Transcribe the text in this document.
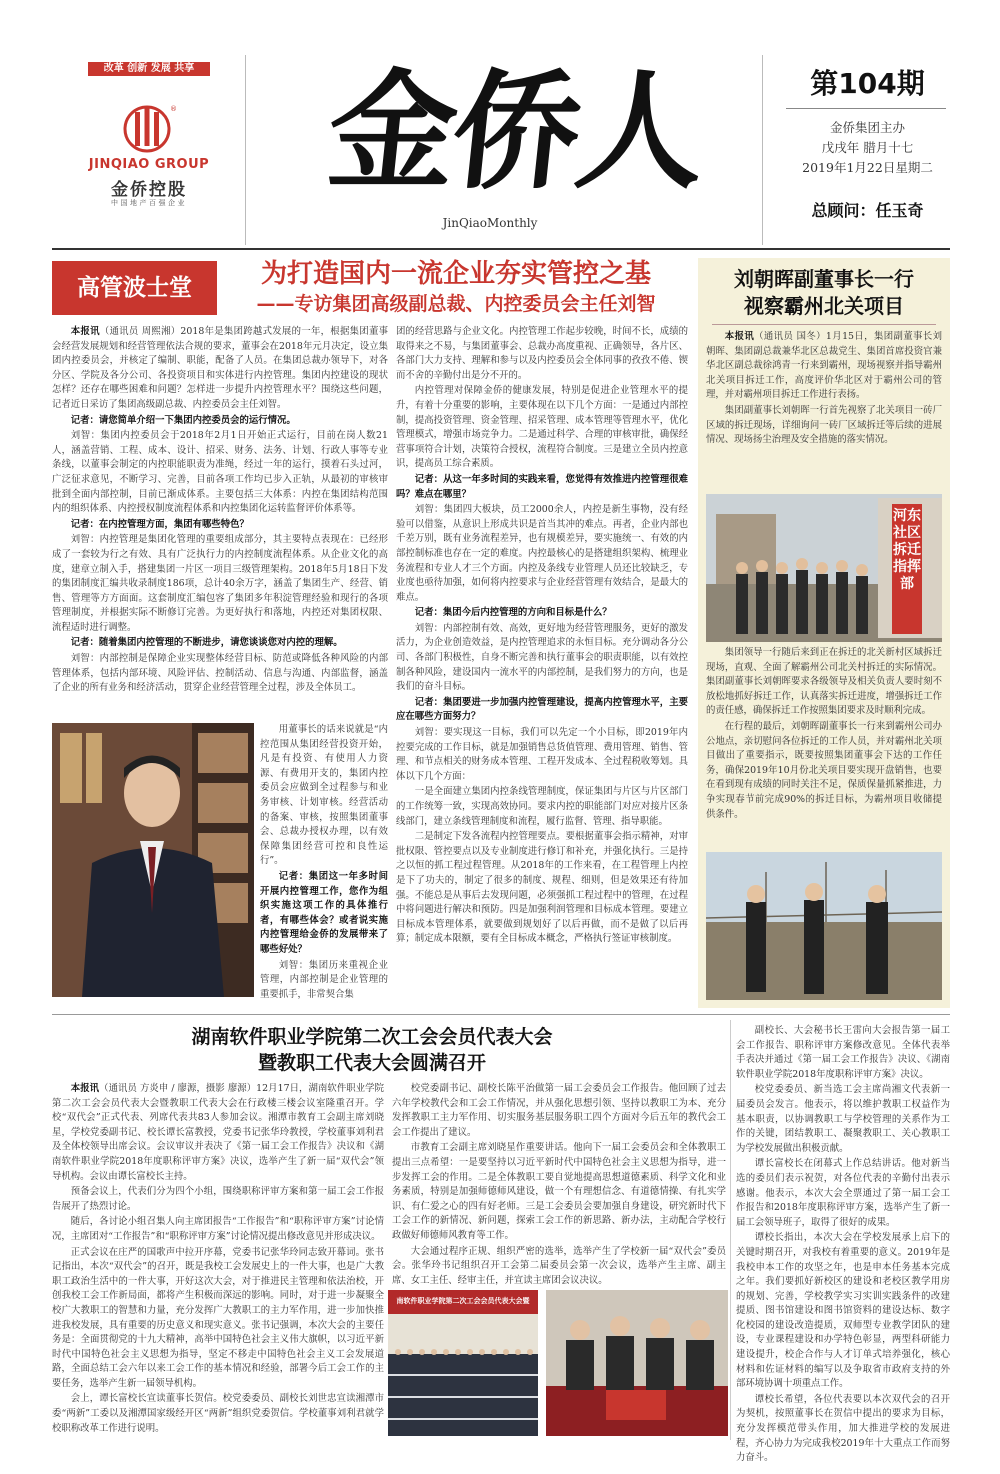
改革 创新 发展 共享
®
JINQIAO GROUP
金侨控股
中国地产百强企业	金侨人
JinQiaoMonthly
第104期
金侨集团主办
戊戌年 腊月十七
2019年1月22日星期二
总顾问：任玉奇
高管波士堂	为打造国内一流企业夯实管控之基
——专访集团高级副总裁、内控委员会主任刘智

本报讯（通讯员 周熙湘）2018年是集团跨越式发展的一年，根据集团董事会经营发展规划和经营管理依法合规的要求，董事会在2018年元月决定，设立集团内控委员会，并核定了编制、职能，配备了人员。在集团总裁办领导下，对各分区、学院及各分公司、各投资项目和实体进行内控管理。集团内控建设的现状怎样？还存在哪些困难和问题？怎样进一步提升内控管理水平？围绕这些问题，记者近日采访了集团高级副总裁、内控委员会主任刘智。

记者：请您简单介绍一下集团内控委员会的运行情况。

刘智：集团内控委员会于2018年2月1日开始正式运行，目前在岗人数21人，涵盖营销、工程、成本、设计、招采、财务、法务、计划、行政人事等专业条线，以董事会制定的内控职能职责为准绳，经过一年的运行，摸着石头过河，广泛征求意见，不断学习、完善，目前各项工作均已步入正轨，从最初的审核审批到全面内部控制，目前已渐成体系。主要包括三大体系：内控在集团结构范围内的组织体系、内控授权制度流程体系和内控集团化运转监督评价体系等。

记者：在内控管理方面，集团有哪些特色？

刘智：内控管理是集团化管理的重要组成部分，其主要特点表现在：已经形成了一套较为行之有效、具有广泛执行力的内控制度流程体系。从企业文化的高度，建章立制入手，搭建集团一片区一项目三级管理架构。2018年5月18日下发的集团制度汇编共收录制度186项，总计40余万字，涵盖了集团生产、经营、销售、管理等方方面面。这套制度汇编包容了集团多年积淀管理经验和现行的各项管理制度，并根据实际不断修订完善。为更好执行和落地，内控还对集团权限、流程适时进行调整。

记者：随着集团内控管理的不断进步，请您谈谈您对内控的理解。

刘智：内部控制是保障企业实现整体经营目标、防范或降低各种风险的内部管理体系，包括内部环境、风险评估、控制活动、信息与沟通、内部监督，涵盖了企业的所有业务和经济活动，贯穿企业经营管理全过程，涉及全体员工。

用董事长的话来说就是“内控范围从集团经营投资开始，凡是有投资、有使用人力资源、有费用开支的，集团内控委员会应做到全过程参与和业务审核、计划审核。经营活动的备案、审核，按照集团董事会、总裁办授权办理，以有效保障集团经营可控和良性运行”。

记者：集团这一年多时间开展内控管理工作，您作为组织实施这项工作的具体推行者，有哪些体会？或者说实施内控管理给金侨的发展带来了哪些好处？

刘智：集团历来重视企业管理，内部控制是企业管理的重要抓手，非常契合集

团的经营思路与企业文化。内控管理工作起步较晚，时间不长，成绩的取得来之不易，与集团董事会、总裁办高度重视、正确领导，各片区、各部门大力支持、理解和参与以及内控委员会全体同事的孜孜不倦、锲而不舍的辛勤付出是分不开的。

内控管理对保障金侨的健康发展，特别是促进企业管理水平的提升，有着十分重要的影响，主要体现在以下几个方面：一是通过内部控制，提高投资管理、资金管理、招采管理、成本管理等管理水平，优化管理模式，增强市场竞争力。二是通过科学、合理的审核审批，确保经营事项符合计划，决策符合授权，流程符合制度。三是建立全员内控意识，提高员工综合素质。

记者：从这一年多时间的实践来看，您觉得有效推进内控管理很难吗？难点在哪里？

刘智：集团四大板块，员工2000余人，内控是新生事物，没有经验可以借鉴，从意识上形成共识是首当其冲的难点。再者，企业内部也千差万别，既有业务流程差异，也有规模差异，要实施统一、有效的内部控制标准也存在一定的难度。内控最核心的是搭建组织架构、梳理业务流程和专业人才三个方面。内控及条线专业管理人员还比较缺乏，专业度也亟待加强，如何将内控要求与企业经营管理有效结合，是最大的难点。

记者：集团今后内控管理的方向和目标是什么？

刘智：内部控制有效、高效，更好地为经营管理服务，更好的激发活力，为企业创造效益，是内控管理追求的永恒目标。充分调动各分公司、各部门积极性，自身不断完善和执行董事会的职责职能，以有效控制各种风险，建设国内一流水平的内部控制，是我们努力的方向，也是我们的奋斗目标。

记者：集团要进一步加强内控管理建设，提高内控管理水平，主要应在哪些方面努力？

刘智：要实现这一目标，我们可以先定一个小目标，即2019年内控要完成的工作目标，就是加强销售总货值管理、费用管理、销售、管理、和节点相关的财务成本管理、工程开发成本、全过程税收筹划。具体以下几个方面：

一是全面建立集团内控条线管理制度，保证集团与片区与片区部门的工作统筹一致，实现高效协同。要求内控的职能部门对应对接片区条线部门，建立条线管理制度和流程，履行监督、管理、指导职能。

二是制定下发各流程内控管理要点。要根据董事会指示精神，对审批权限、管控要点以及专业制度进行修订和补充，并强化执行。三是持之以恒的抓工程过程管理。从2018年的工作来看，在工程管理上内控是下了功夫的，制定了很多的制度、规程、细则，但是效果还有待加强。不能总是从事后去发现问题，必须强抓工程过程中的管理，在过程中将问题进行解决和预防。四是加强利润管理和目标成本管理。要建立目标成本管理体系，就要做到规划好了以后再做，而不是做了以后再算；制定成本限额，要有全目标成本概念，严格执行签证审核制度。

刘朝晖副董事长一行
视察霸州北关项目

本报讯（通讯员 国冬）1月15日，集团副董事长刘朝晖、集团副总裁兼华北区总裁党生、集团首席投资官兼华北区副总裁徐鸿青一行来到霸州，现场视察并指导霸州北关项目拆迁工作，高度评价华北区对于霸州公司的管理，并对霸州项目拆迁工作进行表扬。

集团副董事长刘朝晖一行首先视察了北关项目一砖厂区域的拆迁现场，详细询问一砖厂区域拆迁等后续的进展情况、现场扬尘治理及安全措施的落实情况。

河东社区拆迁指挥部

集团领导一行随后来到正在拆迁的北关新村区域拆迁现场，直观、全面了解霸州公司北关村拆迁的实际情况。集团副董事长刘朝晖要求各级领导及相关负责人要时刻不放松地抓好拆迁工作，认真落实拆迁进度，增强拆迁工作的责任感，确保拆迁工作按照集团要求及时顺利完成。

在行程的最后，刘朝晖副董事长一行来到霸州公司办公地点，亲切慰问各位拆迁的工作人员，并对霸州北关项目做出了重要指示，既要按照集团董事会下达的工作任务，确保2019年10月份北关项目要实现开盘销售，也要在看到现有成绩的同时关注不足，保质保量抓紧推进，力争实现春节前完成90%的拆迁目标，为霸州项目收储提供条件。

湖南软件职业学院第二次工会会员代表大会
暨教职工代表大会圆满召开

本报讯（通讯员 方炎申 / 廖源，摄影 廖源）12月17日，湖南软件职业学院第二次工会会员代表大会暨教职工代表大会在行政楼三楼会议室隆重召开。学校“双代会”正式代表、列席代表共83人参加会议。湘潭市教育工会副主席刘晓星，学校党委副书记、校长谭长富教授，党委书记张华玲教授，学校董事刘利君及全体校领导出席会议。会议审议并表决了《第一届工会工作报告》决议和《湖南软件职业学院2018年度职称评审方案》决议，选举产生了新一届“双代会”领导机构。会议由谭长富校长主持。

预备会议上，代表们分为四个小组，围绕职称评审方案和第一届工会工作报告展开了热烈讨论。

随后，各讨论小组召集人向主席团报告“工作报告”和“职称评审方案”讨论情况，主席团对“工作报告”和“职称评审方案”讨论情况提出修改意见并形成决议。

正式会议在庄严的国歌声中拉开序幕，党委书记张华玲同志致开幕词。张书记指出，本次“双代会”的召开，既是我校工会发展史上的一件大事，也是广大教职工政治生活中的一件大事，开好这次大会，对于推进民主管理和依法治校，开创我校工会工作新局面，都将产生积极而深远的影响。同时，对于进一步凝聚全校广大教职工的智慧和力量，充分发挥广大教职工的主力军作用，进一步加快推进我校发展，具有重要的历史意义和现实意义。张书记强调，本次大会的主要任务是：全面贯彻党的十九大精神，高举中国特色社会主义伟大旗帜，以习近平新时代中国特色社会主义思想为指导，坚定不移走中国特色社会主义工会发展道路，全面总结工会六年以来工会工作的基本情况和经验，部署今后工会工作的主要任务，选举产生新一届领导机构。

会上，谭长富校长宣读董事长贺信。校党委委员、副校长刘世忠宣读湘潭市委“两新”工委以及湘潭国家级经开区“两新”组织党委贺信。学校董事刘利君就学校职称改革工作进行说明。

校党委副书记、副校长陈平治做第一届工会委员会工作报告。他回顾了过去六年学校教代会和工会工作情况，并从强化思想引领、坚持以教职工为本、充分发挥教职工主力军作用、切实服务基层服务职工四个方面对今后五年的教代会工会工作提出了建议。

市教育工会副主席刘晓星作重要讲话。他向下一届工会委员会和全体教职工提出三点希望：一是要坚持以习近平新时代中国特色社会主义思想为指导，进一步发挥工会的作用。二是全体教职工要自觉地提高思想道德素质、科学文化和业务素质，特别是加强师德师风建设，做一个有理想信念、有道德情操、有扎实学识、有仁爱之心的四有好老师。三是工会委员会要加强自身建设，研究新时代下工会工作的新情况、新问题，探索工会工作的新思路、新办法，主动配合学校行政做好师德师风教育等工作。

大会通过程序正规、组织严密的选举，选举产生了学校新一届“双代会”委员会。张华玲书记组织召开工会第二届委员会第一次会议，选举产生主席、副主席、女工主任、经审主任，并宣读主席团会议决议。

南软件职业学院第二次工会会员代表大会暨

副校长、大会秘书长王雷向大会报告第一届工会工作报告、职称评审方案修改意见。全体代表举手表决并通过《第一届工会工作报告》决议、《湖南软件职业学院2018年度职称评审方案》决议。

校党委委员、新当选工会主席尚湘文代表新一届委员会发言。他表示，将以维护教职工权益作为基本职责，以协调教职工与学校管理的关系作为工作的关键，团结教职工、凝聚教职工、关心教职工为学校发展做出积极贡献。

谭长富校长在闭幕式上作总结讲话。他对新当选的委员们表示祝贺，对各位代表的辛勤付出表示感谢。他表示，本次大会全票通过了第一届工会工作报告和2018年度职称评审方案，选举产生了新一届工会领导班子，取得了很好的成果。

谭校长指出，本次大会在学校发展承上启下的关键时期召开，对我校有着重要的意义。2019年是我校申本工作的攻坚之年，也是申本任务基本完成之年。我们要抓好新校区的建设和老校区教学用房的规划、完善，学校教学实习实训实践条件的改建提质、图书馆建设和图书馆资料的建设达标、数字化校园的建设改造提质，双师型专业教学团队的建设，专业课程建设和办学特色彰显，两型科研能力建设提升，校企合作与人才订单式培养强化，核心材料和佐证材料的编写以及争取省市政府支持的外部环境协调十项重点工作。

谭校长希望，各位代表要以本次双代会的召开为契机，按照董事长在贺信中提出的要求为目标，充分发挥模范带头作用，加大推进学校的发展进程，齐心协力为完成我校2019年十大重点工作而努力奋斗。
